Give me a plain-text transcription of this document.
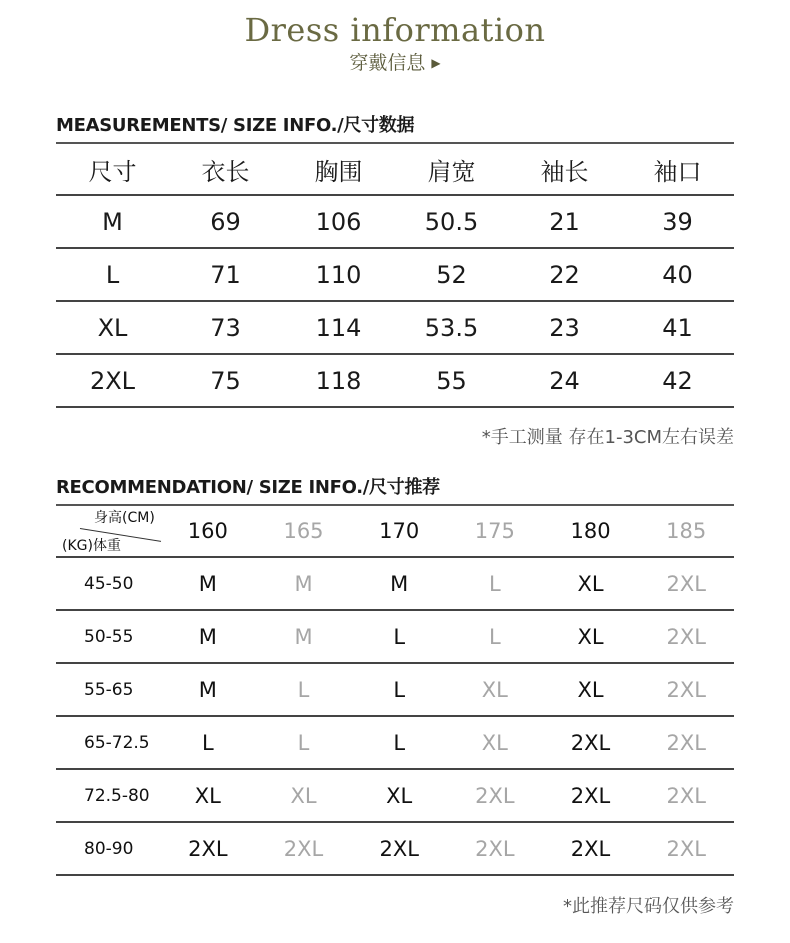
Dress information
穿戴信息 ▶
MEASUREMENTS/ SIZE INFO./尺寸数据
尺寸	衣长	胸围	肩宽	袖长	袖口
M	69	106	50.5	21	39
L	71	110	52	22	40
XL	73	114	53.5	23	41
2XL	75	118	55	24	42
*手工测量 存在1-3CM左右误差
RECOMMENDATION/ SIZE INFO./尺寸推荐
身高(CM)
(KG)体重
160	165	170	175	180	185
45-50	M	M	M	L	XL	2XL
50-55	M	M	L	L	XL	2XL
55-65	M	L	L	XL	XL	2XL
65-72.5	L	L	L	XL	2XL	2XL
72.5-80	XL	XL	XL	2XL	2XL	2XL
80-90	2XL	2XL	2XL	2XL	2XL	2XL
*此推荐尺码仅供参考
